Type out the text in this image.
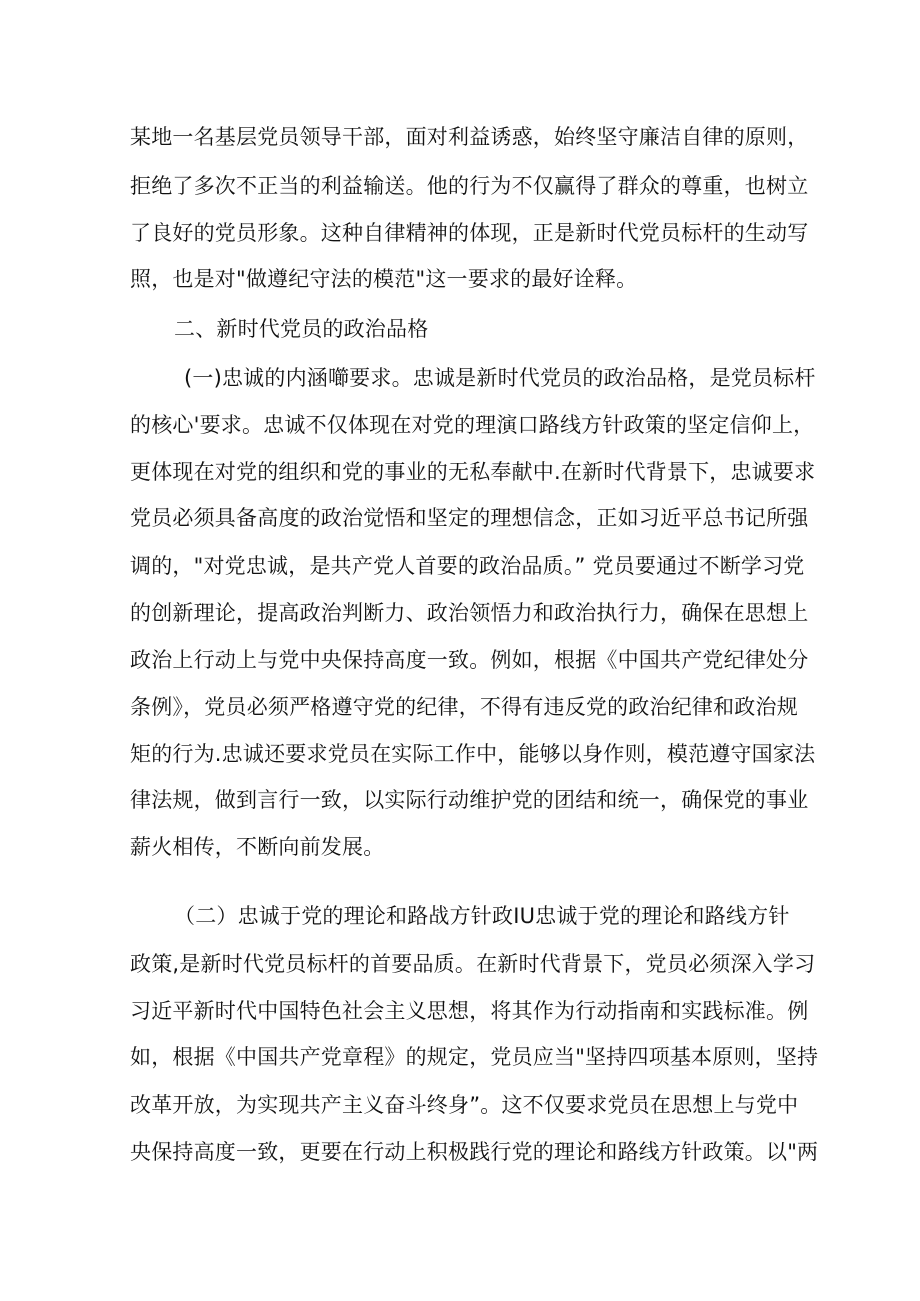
某地一名基层党员领导干部，面对利益诱惑，始终坚守廉洁自律的原则，
拒绝了多次不正当的利益输送。他的行为不仅赢得了群众的尊重，也树立
了良好的党员形象。这种自律精神的体现，正是新时代党员标杆的生动写
照，也是对"做遵纪守法的模范"这一要求的最好诠释。
二、新时代党员的政治品格
(一)忠诚的内涵㘉要求。忠诚是新时代党员的政治品格，是党员标杆
的核心'要求。忠诚不仅体现在对党的理演口路线方针政策的坚定信仰上，
更体现在对党的组织和党的事业的无私奉献中.在新时代背景下，忠诚要求
党员必须具备高度的政治觉悟和坚定的理想信念，正如习近平总书记所强
调的，"对党忠诚，是共产党人首要的政治品质。” 党员要通过不断学习党
的创新理论，提高政治判断力、政治领悟力和政治执行力，确保在思想上
政治上行动上与党中央保持高度一致。例如，根据《中国共产党纪律处分
条例》，党员必须严格遵守党的纪律，不得有违反党的政治纪律和政治规
矩的行为.忠诚还要求党员在实际工作中，能够以身作则，模范遵守国家法
律法规，做到言行一致，以实际行动维护党的团结和统一，确保党的事业
薪火相传，不断向前发展。
（二）忠诚于党的理论和路战方针政IU忠诚于党的理论和路线方针
政策,是新时代党员标杆的首要品质。在新时代背景下，党员必须深入学习
习近平新时代中国特色社会主义思想，将其作为行动指南和实践标准。例
如，根据《中国共产党章程》的规定，党员应当"坚持四项基本原则，坚持
改革开放，为实现共产主义奋斗终身”。这不仅要求党员在思想上与党中
央保持高度一致，更要在行动上积极践行党的理论和路线方针政策。以"两
